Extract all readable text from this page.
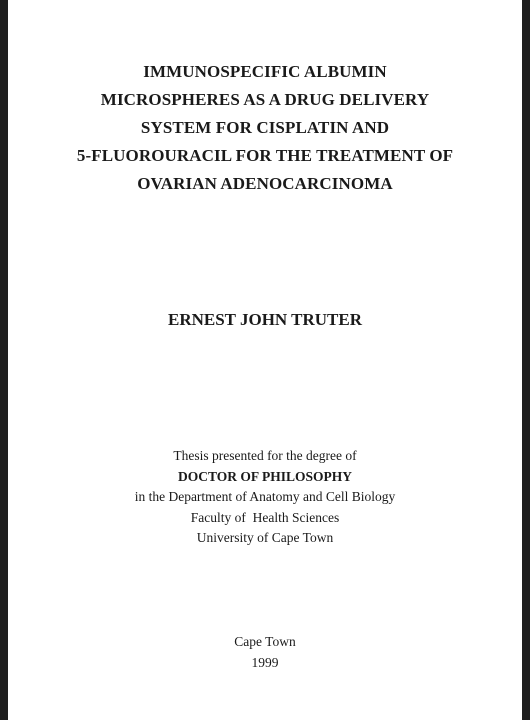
IMMUNOSPECIFIC ALBUMIN
MICROSPHERES AS A DRUG DELIVERY
SYSTEM FOR CISPLATIN AND
5-FLUOROURACIL FOR THE TREATMENT OF
OVARIAN ADENOCARCINOMA
ERNEST JOHN TRUTER
Thesis presented for the degree of
DOCTOR OF PHILOSOPHY
in the Department of Anatomy and Cell Biology
Faculty of  Health Sciences
University of Cape Town
Cape Town
1999
